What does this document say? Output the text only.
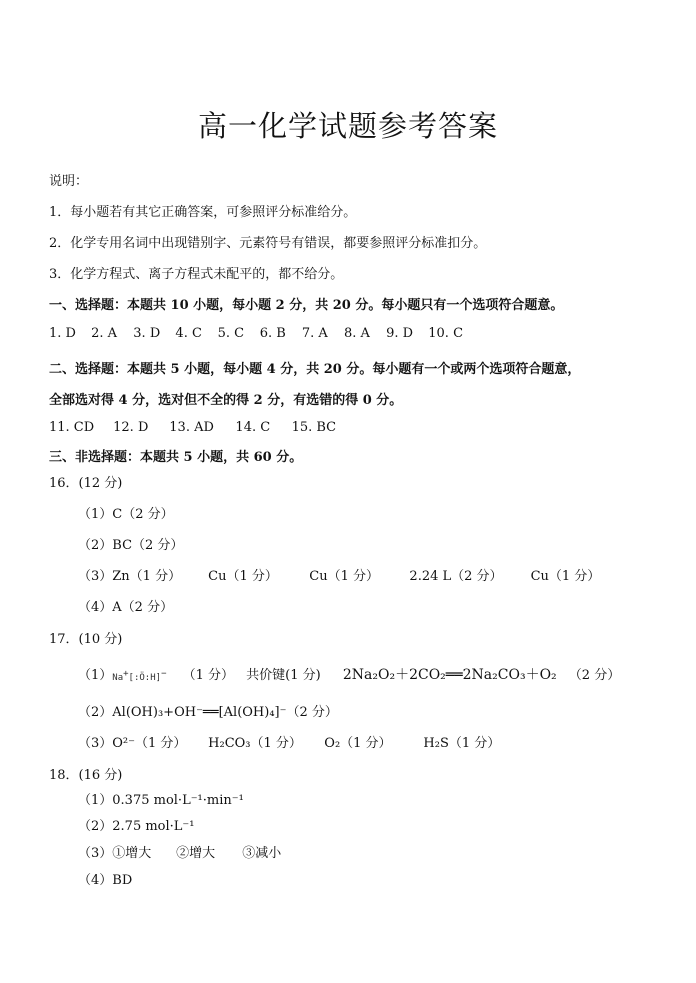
高一化学试题参考答案
说明：
1．每小题若有其它正确答案，可参照评分标准给分。
2．化学专用名词中出现错别字、元素符号有错误，都要参照评分标准扣分。
3．化学方程式、离子方程式未配平的，都不给分。
一、选择题：本题共 10 小题，每小题 2 分，共 20 分。每小题只有一个选项符合题意。
1. D 2. A 3. D 4. C 5. C 6. B 7. A 8. A 9. D 10. C
二、选择题：本题共 5 小题，每小题 4 分，共 20 分。每小题有一个或两个选项符合题意，
全部选对得 4 分，选对但不全的得 2 分，有选错的得 0 分。
11. CD 12. D 13. AD 14. C 15. BC
三、非选择题：本题共 5 小题，共 60 分。
16．(12 分)
（1）C（2 分）
（2）BC（2 分）
（3）Zn（1 分） Cu（1 分） Cu（1 分） 2.24 L（2 分） Cu（1 分）
（4）A（2 分）
17．(10 分)
（1）Na+[:Ö:H]− （1 分） 共价键(1 分) 2Na₂O₂＋2CO₂══2Na₂CO₃＋O₂ （2 分）
（2）Al(OH)₃+OH⁻══[Al(OH)₄]⁻（2 分）
（3）O²⁻（1 分） H₂CO₃（1 分） O₂（1 分） H₂S（1 分）
18．(16 分)
（1）0.375 mol·L⁻¹·min⁻¹
（2）2.75 mol·L⁻¹
（3）①增大 ②增大 ③减小
（4）BD
